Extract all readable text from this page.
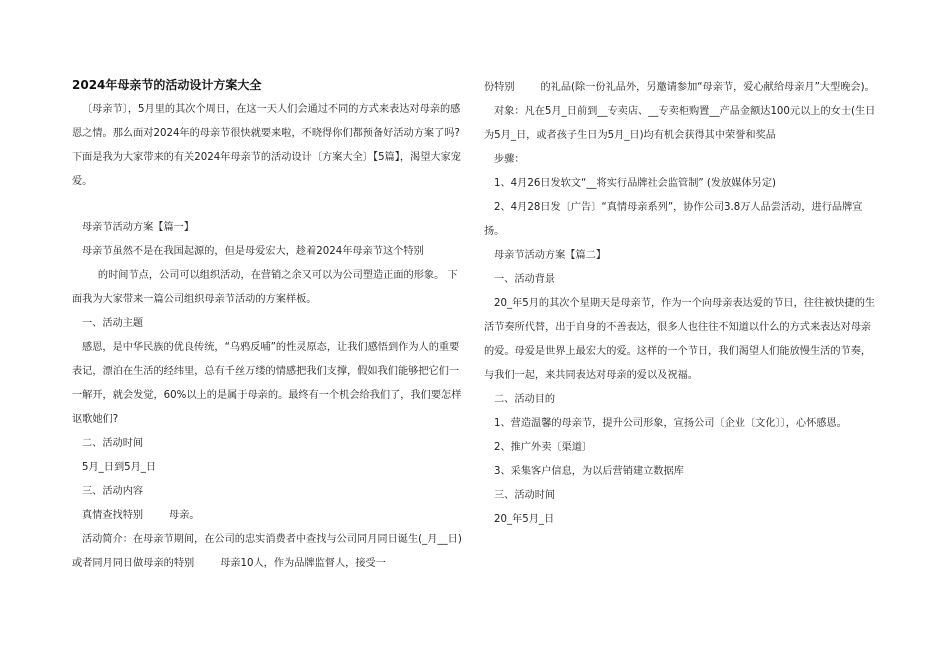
2024年母亲节的活动设计方案大全

〔母亲节〕，5月里的其次个周日，在这一天人们会通过不同的方式来表达对母亲的感恩之情。那么面对2024年的母亲节很快就要来啦，不晓得你们都预备好活动方案了吗?下面是我为大家带来的有关2024年母亲节的活动设计〔方案大全〕【5篇】，渴望大家宠爱。

母亲节活动方案【篇一】

母亲节虽然不是在我国起源的，但是母爱宏大，趁着2024年母亲节这个特别
的时间节点，公司可以组织活动，在营销之余又可以为公司塑造正面的形象。 下面我为大家带来一篇公司组织母亲节活动的方案样板。

一、活动主题

感恩，是中华民族的优良传统，“乌鸦反哺”的性灵原态，让我们感悟到作为人的重要表记，漂泊在生活的经纬里，总有千丝万缕的情感把我们支撑，假如我们能够把它们一一解开，就会发觉，60%以上的是属于母亲的。最终有一个机会给我们了，我们要怎样讴歌她们?

二、活动时间

5月_日到5月_日

三、活动内容

真情查找特别        母亲。

活动简介：在母亲节期间，在公司的忠实消费者中查找与公司同月同日诞生(_月__日)或者同月同日做母亲的特别        母亲10人，作为品牌监督人，接受一

份特别        的礼品(除一份礼品外，另邀请参加“母亲节，爱心献给母亲月”大型晚会)。

对象：凡在5月_日前到__专卖店、__专卖柜购置__产品金额达100元以上的女士(生日为5月_日，或者孩子生日为5月_日)均有机会获得其中荣誉和奖品

步骤：

1、4月26日发软文“__将实行品牌社会监管制” (发放媒体另定)

2、4月28日发〔广告〕“真情母亲系列”，协作公司3.8万人品尝活动，进行品牌宣扬。

母亲节活动方案【篇二】

一、活动背景

20_年5月的其次个星期天是母亲节，作为一个向母亲表达爱的节日，往往被快捷的生活节奏所代替，出于自身的不善表达，很多人也往往不知道以什么的方式来表达对母亲的爱。母爱是世界上最宏大的爱。这样的一个节日，我们渴望人们能放慢生活的节奏，与我们一起，来共同表达对母亲的爱以及祝福。

二、活动目的

1、营造温馨的母亲节，提升公司形象，宣扬公司〔企业〔文化〕〕，心怀感恩。

2、推广外卖〔渠道〕

3、采集客户信息，为以后营销建立数据库

三、活动时间

20_年5月_日
